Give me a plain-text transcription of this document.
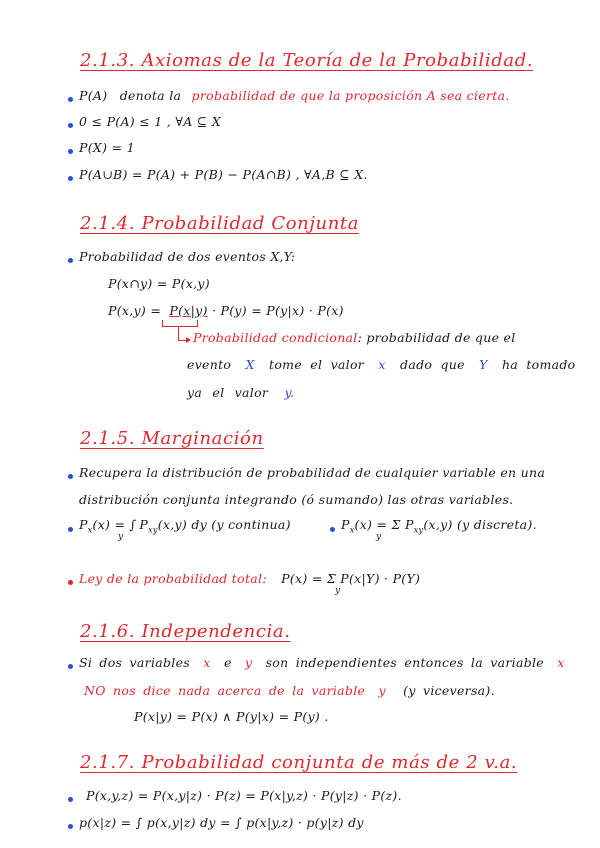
2.1.3. Axiomas de la Teoría de la Probabilidad.
P(A) denota la probabilidad de que la proposición A sea cierta.
0 ≤ P(A) ≤ 1 , ∀A ⊆ X
P(X) = 1
P(A∪B) = P(A) + P(B) − P(A∩B) , ∀A,B ⊆ X.
2.1.4. Probabilidad Conjunta
Probabilidad de dos eventos X,Y:
P(x∩y) = P(x,y)
P(x,y) = P(x|y) · P(y) = P(y|x) · P(x)
Probabilidad condicional: probabilidad de que el
evento X tome el valor x dado que Y ha tomado
ya el valor y.
2.1.5. Marginación
Recupera la distribución de probabilidad de cualquier variable en una
distribución conjunta integrando (ó sumando) las otras variables.
$P_x(x)$ = ∫ $P_{xy}(x,y)$ dy (y continua)
y
$P_x(x) = \Sigma$ $P_{xy}(x,y)$ (y discreta).
y
Ley de la probabilidad total: P(x) = Σ P(x|Y) · P(Y)
y
2.1.6. Independencia.
Si dos variables x e y son independientes entonces la variable x
NO nos dice nada acerca de la variable y (y viceversa).
P(x|y) = P(x) ∧ P(y|x) = P(y) .
2.1.7. Probabilidad conjunta de más de 2 v.a.
P(x,y,z) = P(x,y|z) · P(z) = P(x|y,z) · P(y|z) · P(z).
p(x|z) = ∫ p(x,y|z) dy = ∫ p(x|y,z) · p(y|z) dy
